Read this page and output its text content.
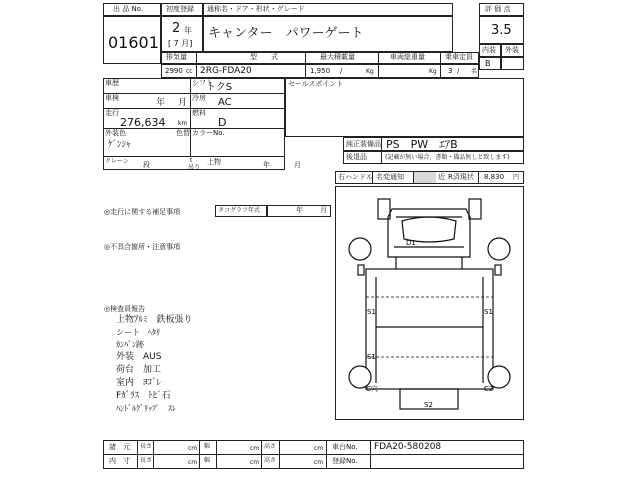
出 品 No.
01601
初度登録
2 年
[ 7 月]
通称名・ドア・形状・グレード
キャンター　パワーゲート
評 価 点
3.5
内装 外装
B
排気量	型　　式	最大積載量	車両総重量	乗車定員
2990 cc 2RG-FDA20	1,950 /	Kg	Kg 3 / 名
車歴	シフト
トクS
車検	年 月 冷房 AC
走行
276,634 km
燃料
D
外装色
ｹﾞﾝｼｬ
色替 カラーNo.
クレーン 段
t
吊り
上物	年
セールスポイント
月
純正装備品 PS　PW　ｴｱB
後退品	(記載が無い場合、書類・備品無しと致します)
右ハンドル 名変通知	近 R済現状 8,830 円
◎走行に関する補足事項	タコグラフ年式	年 月
◎不具合箇所・注意事項
◎検査員報告
上物ｱﾙﾐ　鉄板張り
シート　ﾍﾀﾘ
ｶﾝﾊﾞﾝ跡
外装　AUS
荷台　加工
室内　ﾖｺﾞﾚ
Fｶﾞﾗｽ　ﾄﾋﾞ石
ﾊﾝﾄﾞﾙｸﾞﾘｯﾌﾟ　ｽﾚ
D1
S1	S1
S1
C穴	C2
S2
諸　元
内　寸
長さ	cm 幅	cm 高さ	cm
長さ	cm 幅	cm 高さ	cm
車台No. FDA20-580208
登録No.
